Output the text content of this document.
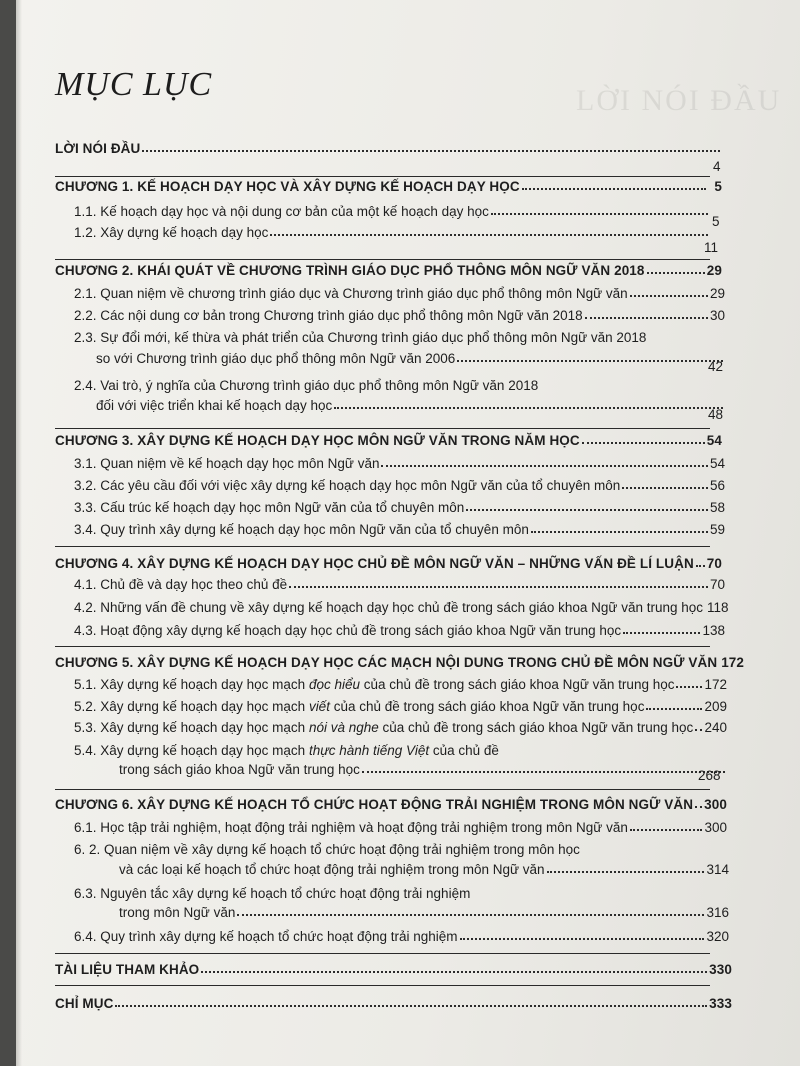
LỜI NÓI ĐẦU
MỤC LỤC
LỜI NÓI ĐẦU
4
CHƯƠNG 1. KẾ HOẠCH DẠY HỌC VÀ XÂY DỰNG KẾ HOẠCH DẠY HỌC	5
1.1. Kế hoạch dạy học và nội dung cơ bản của một kế hoạch dạy học
5
1.2. Xây dựng kế hoạch dạy học
11
CHƯƠNG 2. KHÁI QUÁT VỀ CHƯƠNG TRÌNH GIÁO DỤC PHỔ THÔNG MÔN NGỮ VĂN 2018	29
2.1. Quan niệm về chương trình giáo dục và Chương trình giáo dục phổ thông môn Ngữ văn	29
2.2. Các nội dung cơ bản trong Chương trình giáo dục phổ thông môn Ngữ văn 2018	30
2.3. Sự đổi mới, kế thừa và phát triển của Chương trình giáo dục phổ thông môn Ngữ văn 2018
so với Chương trình giáo dục phổ thông môn Ngữ văn 2006
42
2.4. Vai trò, ý nghĩa của Chương trình giáo dục phổ thông môn Ngữ văn 2018
đối với việc triển khai kế hoạch dạy học
48
CHƯƠNG 3. XÂY DỰNG KẾ HOẠCH DẠY HỌC MÔN NGỮ VĂN TRONG NĂM HỌC	54
3.1. Quan niệm về kế hoạch dạy học môn Ngữ văn	54
3.2. Các yêu cầu đối với việc xây dựng kế hoạch dạy học môn Ngữ văn của tổ chuyên môn	56
3.3. Cấu trúc kế hoạch dạy học môn Ngữ văn của tổ chuyên môn	58
3.4. Quy trình xây dựng kế hoạch dạy học môn Ngữ văn của tổ chuyên môn	59
CHƯƠNG 4. XÂY DỰNG KẾ HOẠCH DẠY HỌC CHỦ ĐỀ MÔN NGỮ VĂN – NHỮNG VẤN ĐỀ LÍ LUẬN 70
4.1. Chủ đề và dạy học theo chủ đề	70
4.2. Những vấn đề chung về xây dựng kế hoạch dạy học chủ đề trong sách giáo khoa Ngữ văn trung học 118
4.3. Hoạt động xây dựng kế hoạch dạy học chủ đề trong sách giáo khoa Ngữ văn trung học	138
CHƯƠNG 5. XÂY DỰNG KẾ HOẠCH DẠY HỌC CÁC MẠCH NỘI DUNG TRONG CHỦ ĐỀ MÔN NGỮ VĂN 172
5.1. Xây dựng kế hoạch dạy học mạch đọc hiểu của chủ đề trong sách giáo khoa Ngữ văn trung học 172
5.2. Xây dựng kế hoạch dạy học mạch viết của chủ đề trong sách giáo khoa Ngữ văn trung học	209
5.3. Xây dựng kế hoạch dạy học mạch nói và nghe của chủ đề trong sách giáo khoa Ngữ văn trung học 240
5.4. Xây dựng kế hoạch dạy học mạch thực hành tiếng Việt của chủ đề
trong sách giáo khoa Ngữ văn trung học	268
CHƯƠNG 6. XÂY DỰNG KẾ HOẠCH TỔ CHỨC HOẠT ĐỘNG TRẢI NGHIỆM TRONG MÔN NGỮ VĂN 300
6.1. Học tập trải nghiệm, hoạt động trải nghiệm và hoạt động trải nghiệm trong môn Ngữ văn	300
6. 2. Quan niệm về xây dựng kế hoạch tổ chức hoạt động trải nghiệm trong môn học
và các loại kế hoạch tổ chức hoạt động trải nghiệm trong môn Ngữ văn	314
6.3. Nguyên tắc xây dựng kế hoạch tổ chức hoạt động trải nghiệm
trong môn Ngữ văn	316
6.4. Quy trình xây dựng kế hoạch tổ chức hoạt động trải nghiệm	320
TÀI LIỆU THAM KHẢO	330
CHỈ MỤC	333
